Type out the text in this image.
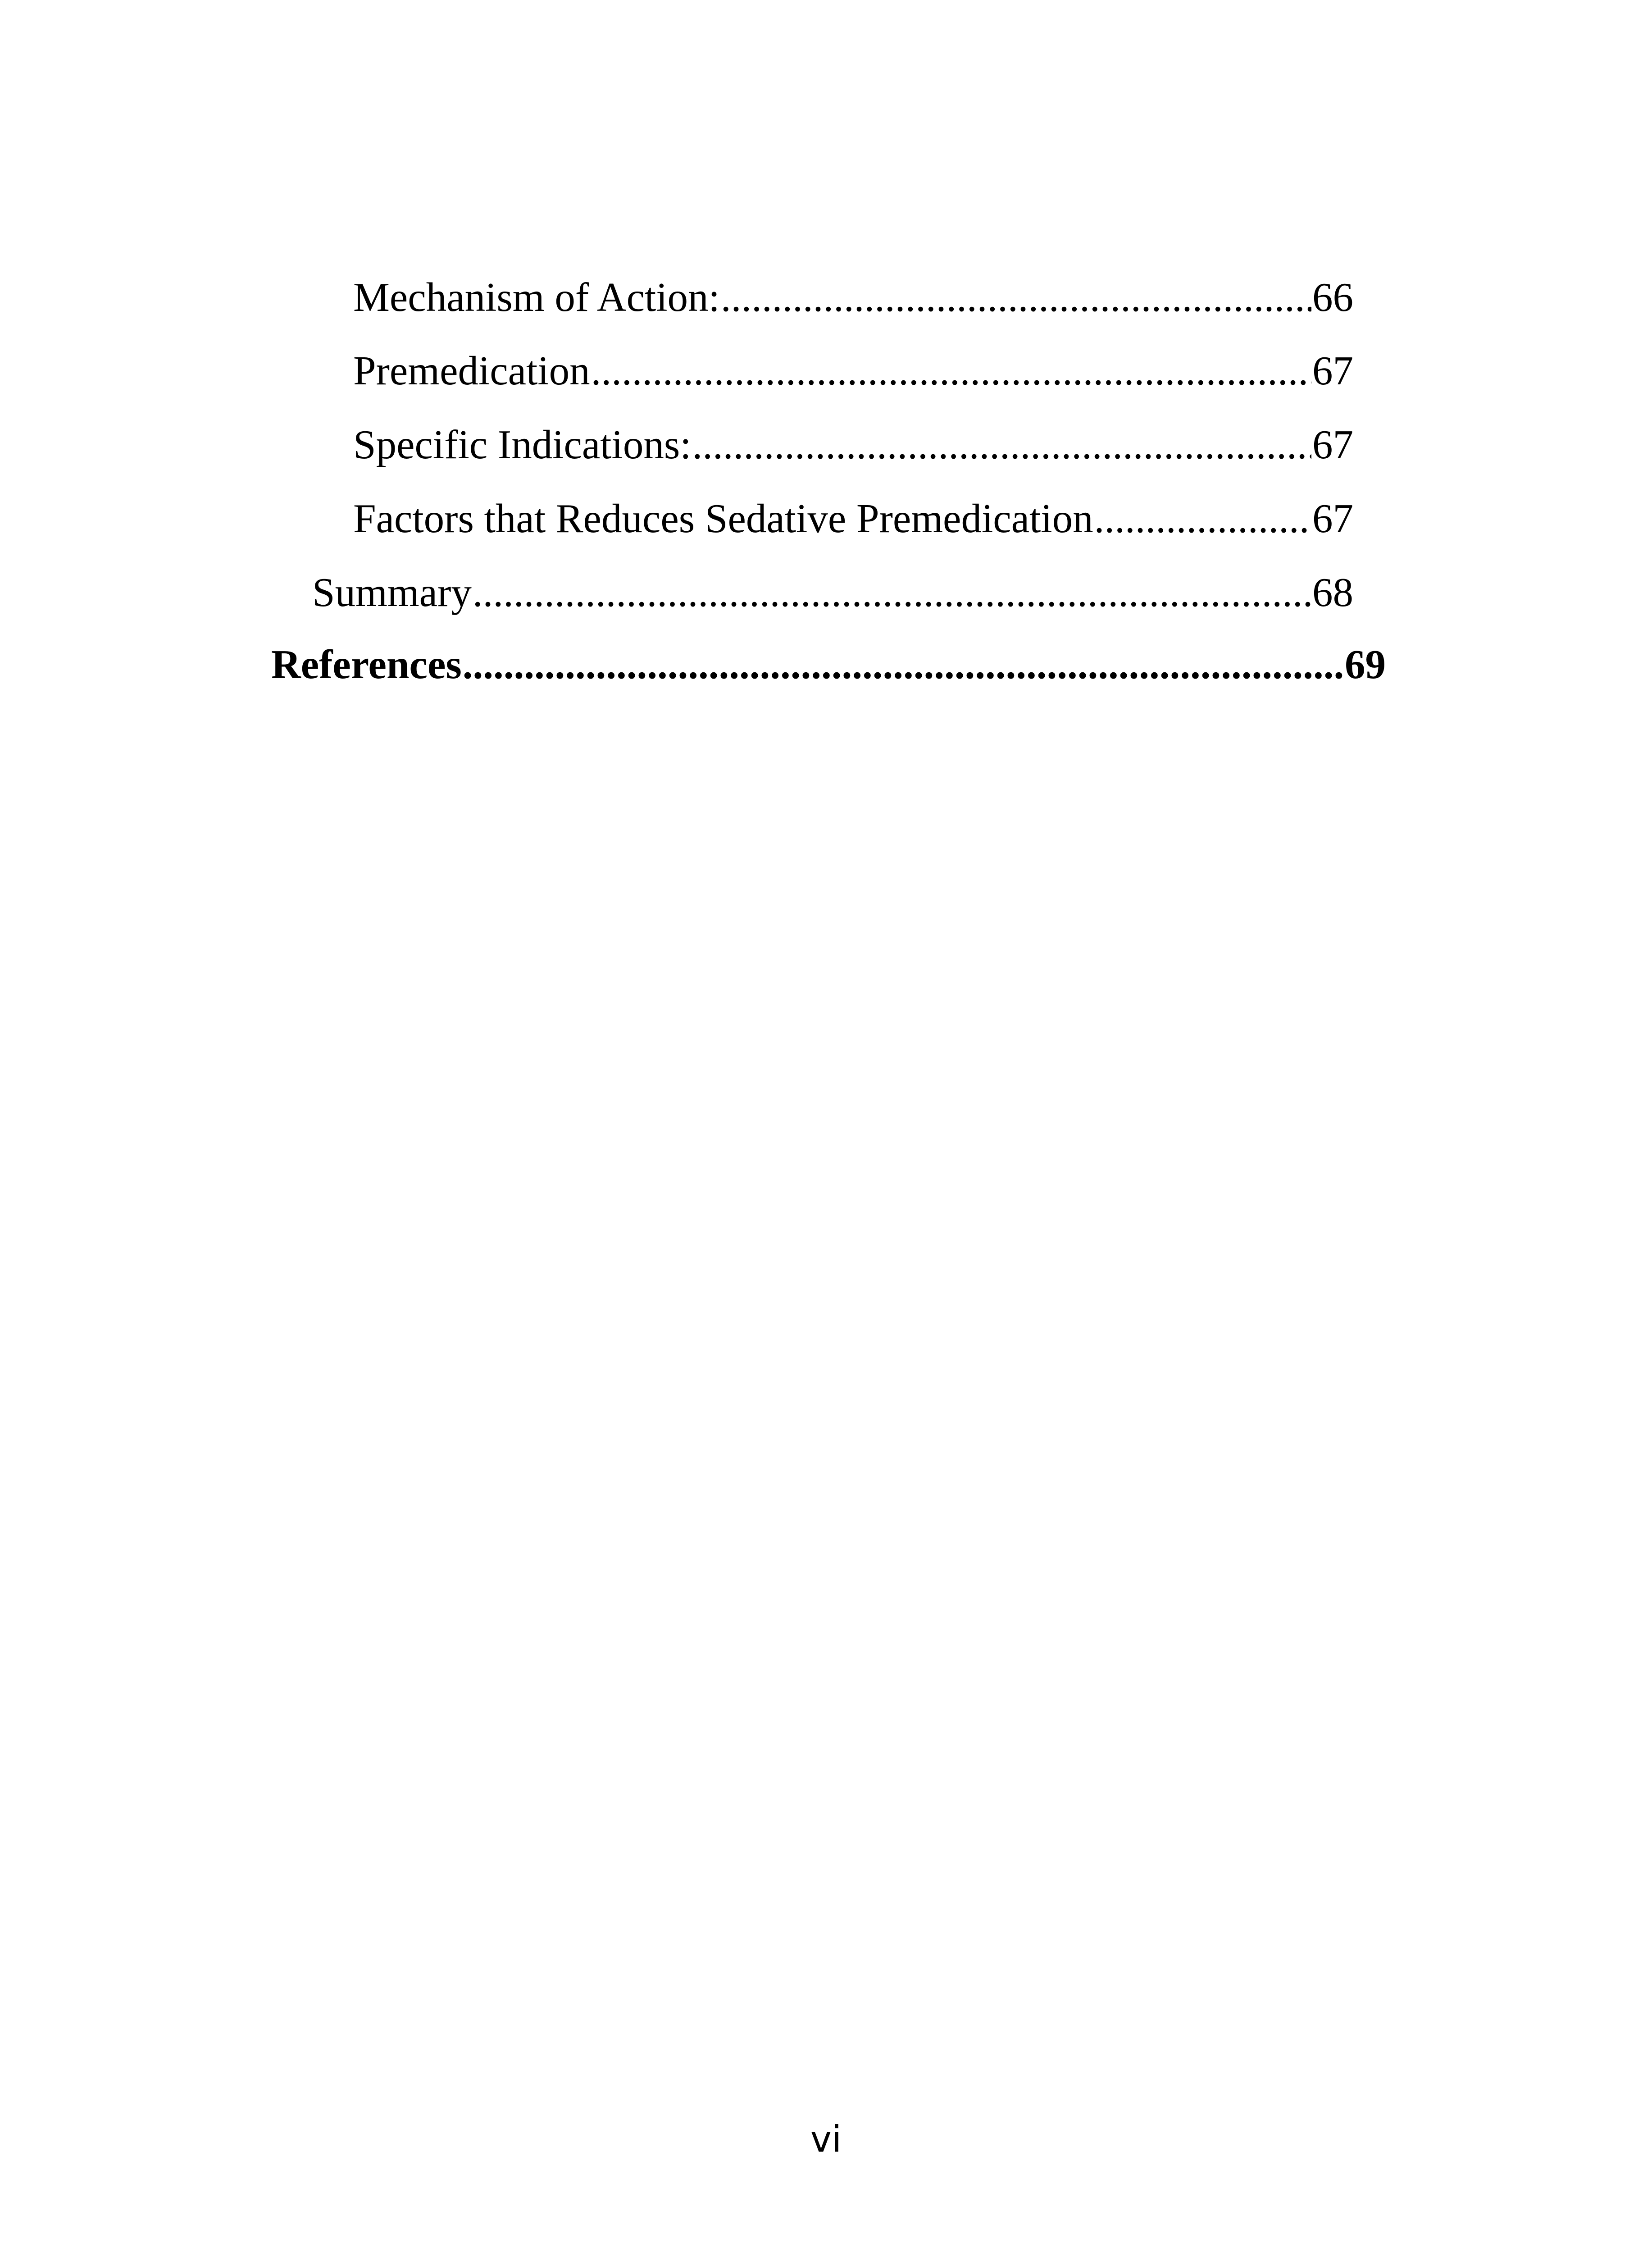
Mechanism of Action: .....	66
Premedication .....	67
Specific Indications: .....	67
Factors that Reduces Sedative Premedication .....	67
Summary .....	68
References .....	69
vi
